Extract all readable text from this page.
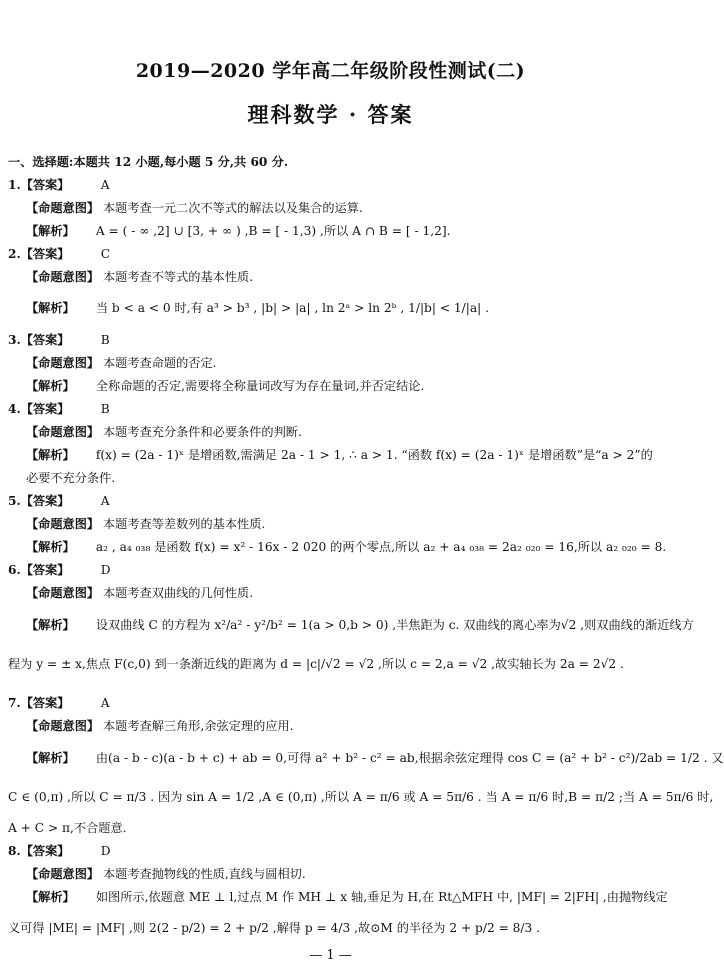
2019—2020 学年高二年级阶段性测试(二)
理科数学 · 答案
一、选择题:本题共 12 小题,每小题 5 分,共 60 分.
1.【答案】	A
【命题意图】 本题考查一元二次不等式的解法以及集合的运算.
【解析】 A = ( - ∞ ,2] ∪ [3, + ∞ ) ,B = [ - 1,3) ,所以 A ∩ B = [ - 1,2].
2.【答案】	C
【命题意图】 本题考查不等式的基本性质.
【解析】 当 b < a < 0 时,有 a³ > b³ , |b| > |a| , ln 2ᵃ > ln 2ᵇ , 1/|b| < 1/|a| .
3.【答案】	B
【命题意图】 本题考查命题的否定.
【解析】 全称命题的否定,需要将全称量词改写为存在量词,并否定结论.
4.【答案】	B
【命题意图】 本题考查充分条件和必要条件的判断.
【解析】 f(x) = (2a - 1)ˣ 是增函数,需满足 2a - 1 > 1, ∴ a > 1. “函数 f(x) = (2a - 1)ˣ 是增函数”是“a > 2”的
必要不充分条件.
5.【答案】	A
【命题意图】 本题考查等差数列的基本性质.
【解析】 a₂ , a₄ ₀₃₈ 是函数 f(x) = x² - 16x - 2 020 的两个零点,所以 a₂ + a₄ ₀₃₈ = 2a₂ ₀₂₀ = 16,所以 a₂ ₀₂₀ = 8.
6.【答案】	D
【命题意图】 本题考查双曲线的几何性质.
【解析】 设双曲线 C 的方程为 x²/a² - y²/b² = 1(a > 0,b > 0) ,半焦距为 c. 双曲线的离心率为√2 ,则双曲线的渐近线方
程为 y = ± x,焦点 F(c,0) 到一条渐近线的距离为 d = |c|/√2 = √2 ,所以 c = 2,a = √2 ,故实轴长为 2a = 2√2 .
7.【答案】	A
【命题意图】 本题考查解三角形,余弦定理的应用.
【解析】 由(a - b - c)(a - b + c) + ab = 0,可得 a² + b² - c² = ab,根据余弦定理得 cos C = (a² + b² - c²)/2ab = 1/2 . 又
C ∈ (0,π) ,所以 C = π/3 . 因为 sin A = 1/2 ,A ∈ (0,π) ,所以 A = π/6 或 A = 5π/6 . 当 A = π/6 时,B = π/2 ;当 A = 5π/6 时,
A + C > π,不合题意.
8.【答案】	D
【命题意图】 本题考查抛物线的性质,直线与圆相切.
【解析】 如图所示,依题意 ME ⊥ l,过点 M 作 MH ⊥ x 轴,垂足为 H,在 Rt△MFH 中, |MF| = 2|FH| ,由抛物线定
义可得 |ME| = |MF| ,则 2(2 - p/2) = 2 + p/2 ,解得 p = 4/3 ,故⊙M 的半径为 2 + p/2 = 8/3 .
— 1 —
